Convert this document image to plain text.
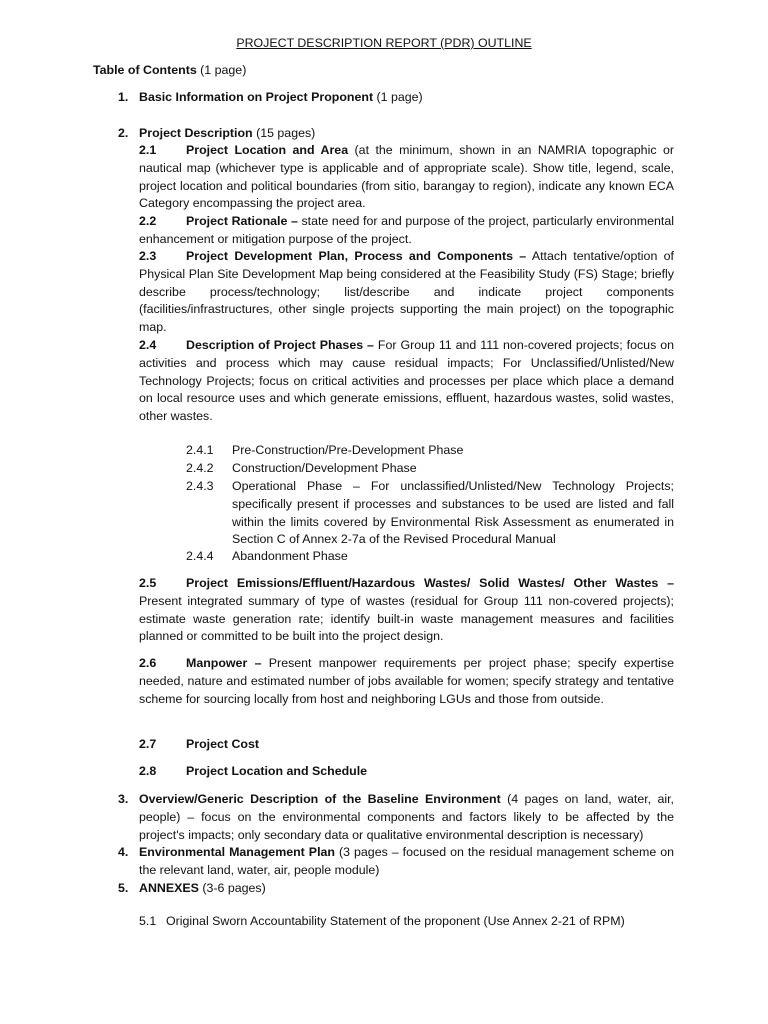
PROJECT DESCRIPTION REPORT (PDR) OUTLINE
Table of Contents (1 page)
1. Basic Information on Project Proponent (1 page)
2. Project Description (15 pages)
2.1 Project Location and Area (at the minimum, shown in an NAMRIA topographic or nautical map (whichever type is applicable and of appropriate scale). Show title, legend, scale, project location and political boundaries (from sitio, barangay to region), indicate any known ECA Category encompassing the project area.
2.2 Project Rationale – state need for and purpose of the project, particularly environmental enhancement or mitigation purpose of the project.
2.3 Project Development Plan, Process and Components – Attach tentative/option of Physical Plan Site Development Map being considered at the Feasibility Study (FS) Stage; briefly describe process/technology; list/describe and indicate project components (facilities/infrastructures, other single projects supporting the main project) on the topographic map.
2.4 Description of Project Phases – For Group 11 and 111 non-covered projects; focus on activities and process which may cause residual impacts; For Unclassified/Unlisted/New Technology Projects; focus on critical activities and processes per place which place a demand on local resource uses and which generate emissions, effluent, hazardous wastes, solid wastes, other wastes.
2.4.1	Pre-Construction/Pre-Development Phase
2.4.2	Construction/Development Phase
2.4.3	Operational Phase – For unclassified/Unlisted/New Technology Projects; specifically present if processes and substances to be used are listed and fall within the limits covered by Environmental Risk Assessment as enumerated in Section C of Annex 2-7a of the Revised Procedural Manual
2.4.4	Abandonment Phase
2.5 Project Emissions/Effluent/Hazardous Wastes/ Solid Wastes/ Other Wastes – Present integrated summary of type of wastes (residual for Group 111 non-covered projects); estimate waste generation rate; identify built-in waste management measures and facilities planned or committed to be built into the project design.
2.6 Manpower – Present manpower requirements per project phase; specify expertise needed, nature and estimated number of jobs available for women; specify strategy and tentative scheme for sourcing locally from host and neighboring LGUs and those from outside.
2.7 Project Cost
2.8 Project Location and Schedule
3. Overview/Generic Description of the Baseline Environment (4 pages on land, water, air, people) – focus on the environmental components and factors likely to be affected by the project's impacts; only secondary data or qualitative environmental description is necessary)
4. Environmental Management Plan (3 pages – focused on the residual management scheme on the relevant land, water, air, people module)
5. ANNEXES (3-6 pages)
5.1 Original Sworn Accountability Statement of the proponent (Use Annex 2-21 of RPM)
